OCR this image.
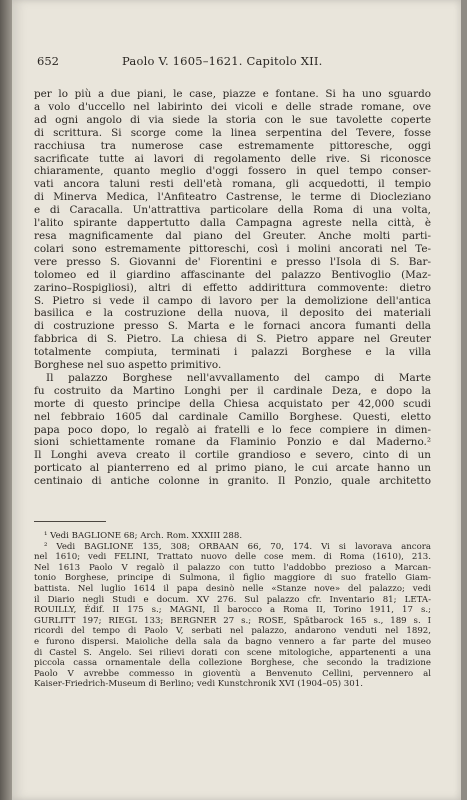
652	Paolo V. 1605–1621. Capitolo XII.
per lo più a due piani, le case, piazze e fontane. Si ha uno sguardo
a volo d'uccello nel labirinto dei vicoli e delle strade romane, ove
ad ogni angolo di via siede la storia con le sue tavolette coperte
di scrittura. Si scorge come la linea serpentina del Tevere, fosse
racchiusa tra numerose case estremamente pittoresche, oggi
sacrificate tutte ai lavori di regolamento delle rive. Si riconosce
chiaramente, quanto meglio d'oggi fossero in quel tempo conser-
vati ancora taluni resti dell'età romana, gli acquedotti, il tempio
di Minerva Medica, l'Anfiteatro Castrense, le terme di Diocleziano
e di Caracalla. Un'attrattiva particolare della Roma di una volta,
l'alito spirante dappertutto dalla Campagna agreste nella città, è
resa magnificamente dal piano del Greuter. Anche molti parti-
colari sono estremamente pittoreschi, così i molini ancorati nel Te-
vere presso S. Giovanni de' Fiorentini e presso l'Isola di S. Bar-
tolomeo ed il giardino affascinante del palazzo Bentivoglio (Maz-
zarino–Rospigliosi), altri di effetto addirittura commovente: dietro
S. Pietro si vede il campo di lavoro per la demolizione dell'antica
basilica e la costruzione della nuova, il deposito dei materiali
di costruzione presso S. Marta e le fornaci ancora fumanti della
fabbrica di S. Pietro. La chiesa di S. Pietro appare nel Greuter
totalmente compiuta, terminati i palazzi Borghese e la villa
Borghese nel suo aspetto primitivo.
Il palazzo Borghese nell'avvallamento del campo di Marte
fu costruito da Martino Longhi per il cardinale Deza, e dopo la
morte di questo principe della Chiesa acquistato per 42,000 scudi
nel febbraio 1605 dal cardinale Camillo Borghese. Questi, eletto
papa poco dopo, lo regalò ai fratelli e lo fece compiere in dimen-
sioni schiettamente romane da Flaminio Ponzio e dal Maderno.²
Il Longhi aveva creato il cortile grandioso e severo, cinto di un
porticato al pianterreno ed al primo piano, le cui arcate hanno un
centinaio di antiche colonne in granito. Il Ponzio, quale architetto
¹ Vedi BAGLIONE 68; Arch. Rom. XXXIII 288.
² Vedi BAGLIONE 135, 308; ORBAAN 66, 70, 174. Vi si lavorava ancora
nel 1610; vedi FELINI, Trattato nuovo delle cose mem. di Roma (1610), 213.
Nel 1613 Paolo V regalò il palazzo con tutto l'addobbo prezioso a Marcan-
tonio Borghese, principe di Sulmona, il figlio maggiore di suo fratello Giam-
battista. Nel luglio 1614 il papa desinò nelle «Stanze nove» del palazzo; vedi
il Diario negli Studi e docum. XV 276. Sul palazzo cfr. Inventario 81; LETA-
ROUILLY, Édif. II 175 s.; MAGNI, Il barocco a Roma II, Torino 1911, 17 s.;
GURLITT 197; RIEGL 133; BERGNER 27 s.; ROSE, Spätbarock 165 s., 189 s. I
ricordi del tempo di Paolo V, serbati nel palazzo, andarono venduti nel 1892,
e furono dispersi. Maioliche della sala da bagno vennero a far parte del museo
di Castel S. Angelo. Sei rilievi dorati con scene mitologiche, appartenenti a una
piccola cassa ornamentale della collezione Borghese, che secondo la tradizione
Paolo V avrebbe commesso in gioventù a Benvenuto Cellini, pervennero al
Kaiser-Friedrich-Museum di Berlino; vedi Kunstchronik XVI (1904–05) 301.
